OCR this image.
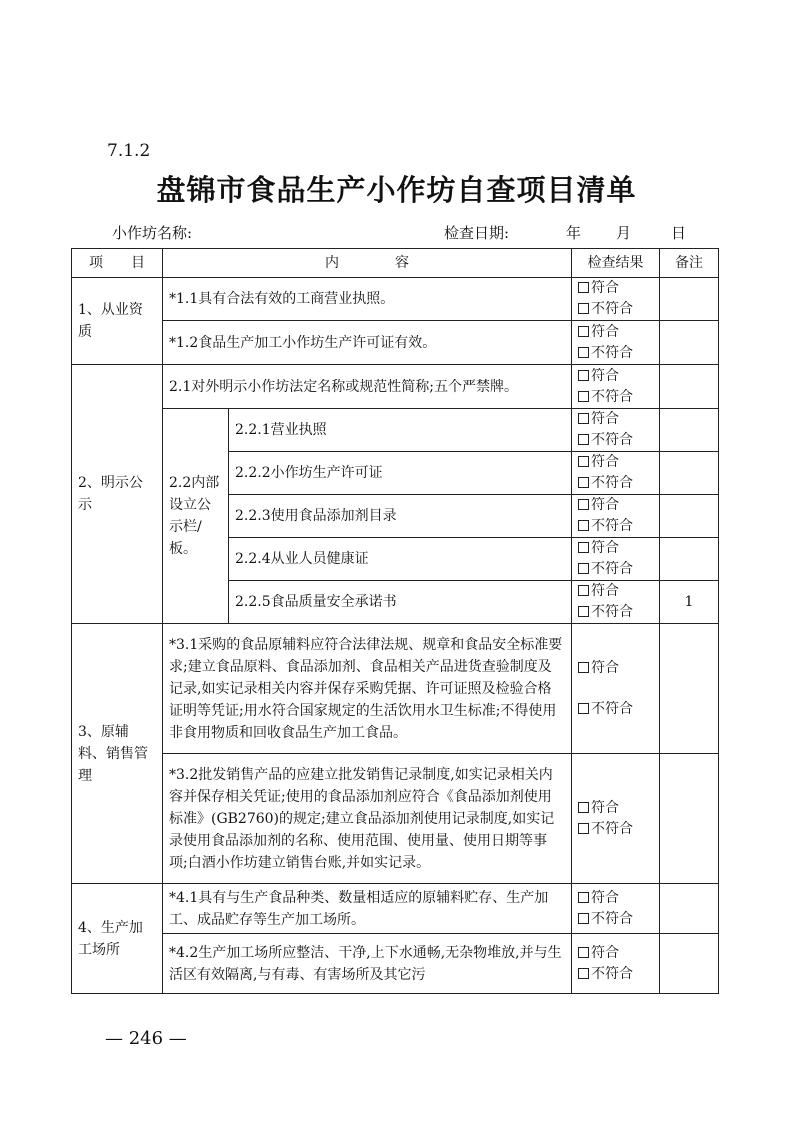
7.1.2
盘锦市食品生产小作坊自查项目清单
小作坊名称:	检查日期:	年	月	日
项　　目	内　　　　容		检查结果	备注
1、从业资质	*1.1具有合法有效的工商营业执照。		符合
不符合	

	*1.2食品生产加工小作坊生产许可证有效。		符合
不符合	

2、明示公示	2.1对外明示小作坊法定名称或规范性简称;五个严禁牌。		符合
不符合	

	2.2内部设立公示栏/板。	2.2.1营业执照	符合
不符合	

		2.2.2小作坊生产许可证	符合
不符合	

		2.2.3使用食品添加剂目录	符合
不符合	

		2.2.4从业人员健康证	符合
不符合	

		2.2.5食品质量安全承诺书	符合
不符合	1
3、原辅料、销售管理	*3.1采购的食品原辅料应符合法律法规、规章和食品安全标准要求;建立食品原料、食品添加剂、食品相关产品进货查验制度及记录,如实记录相关内容并保存采购凭据、许可证照及检验合格证明等凭证;用水符合国家规定的生活饮用水卫生标准;不得使用非食用物质和回收食品生产加工食品。		符合
不符合	

	*3.2批发销售产品的应建立批发销售记录制度,如实记录相关内容并保存相关凭证;使用的食品添加剂应符合《食品添加剂使用标准》(GB2760)的规定;建立食品添加剂使用记录制度,如实记录使用食品添加剂的名称、使用范围、使用量、使用日期等事项;白酒小作坊建立销售台账,并如实记录。		符合
不符合	

4、生产加工场所	*4.1具有与生产食品种类、数量相适应的原辅料贮存、生产加工、成品贮存等生产加工场所。		符合
不符合	

	*4.2生产加工场所应整洁、干净,上下水通畅,无杂物堆放,并与生活区有效隔离,与有毒、有害场所及其它污		符合
不符合	

— 246 —
